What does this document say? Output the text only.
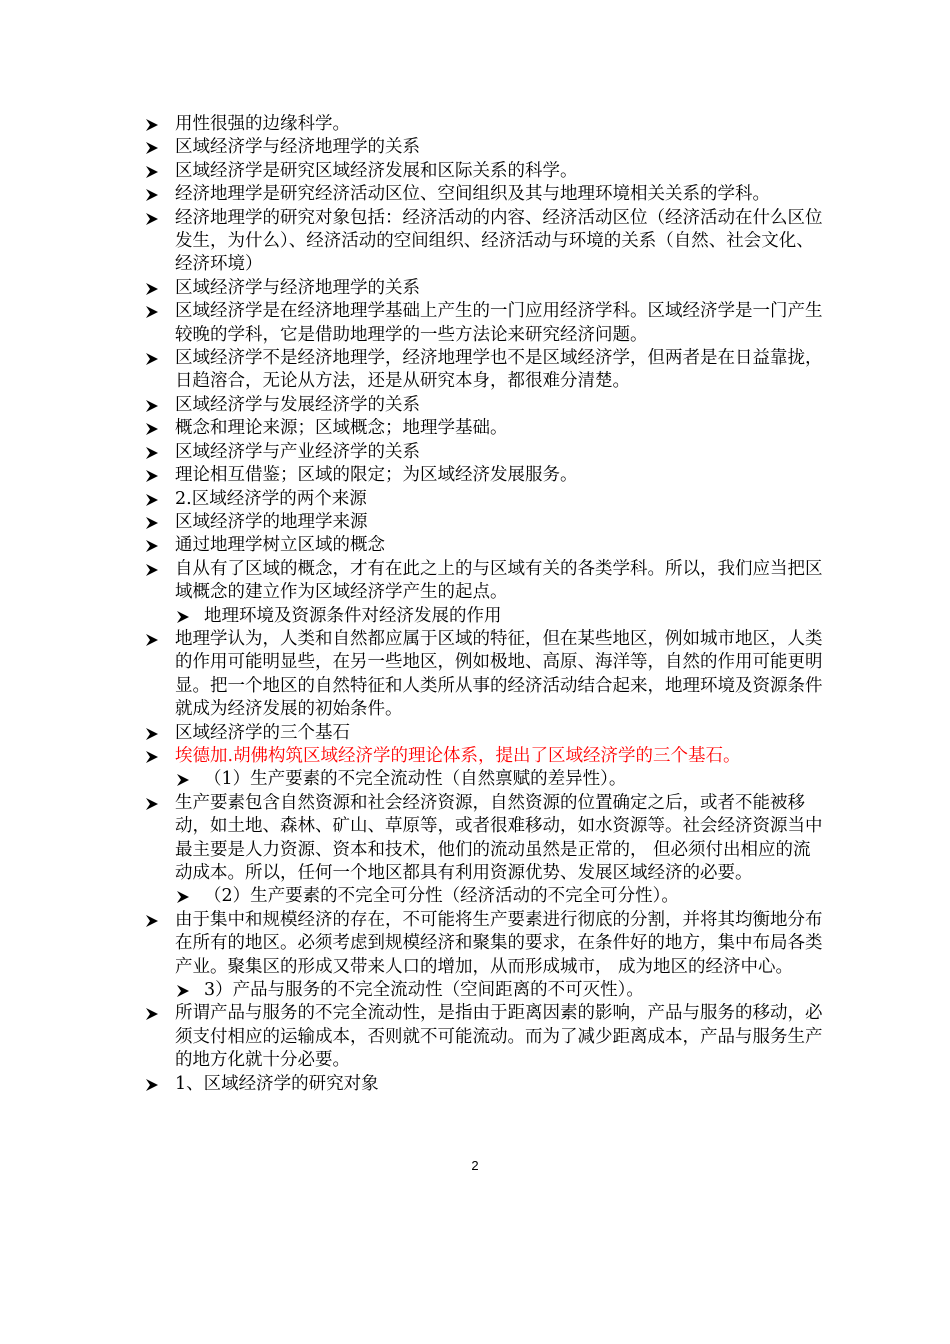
用性很强的边缘科学。
区域经济学与经济地理学的关系
区域经济学是研究区域经济发展和区际关系的科学。
经济地理学是研究经济活动区位、空间组织及其与地理环境相关关系的学科。
经济地理学的研究对象包括：经济活动的内容、经济活动区位（经济活动在什么区位发生，为什么）、经济活动的空间组织、经济活动与环境的关系（自然、社会文化、经济环境）
区域经济学与经济地理学的关系
区域经济学是在经济地理学基础上产生的一门应用经济学科。区域经济学是一门产生较晚的学科，它是借助地理学的一些方法论来研究经济问题。
区域经济学不是经济地理学，经济地理学也不是区域经济学，但两者是在日益靠拢，日趋溶合，无论从方法，还是从研究本身，都很难分清楚。
区域经济学与发展经济学的关系
概念和理论来源；区域概念；地理学基础。
区域经济学与产业经济学的关系
理论相互借鉴；区域的限定；为区域经济发展服务。
2.区域经济学的两个来源
区域经济学的地理学来源
通过地理学树立区域的概念
自从有了区域的概念，才有在此之上的与区域有关的各类学科。所以，我们应当把区域概念的建立作为区域经济学产生的起点。
地理环境及资源条件对经济发展的作用
地理学认为，人类和自然都应属于区域的特征，但在某些地区，例如城市地区，人类的作用可能明显些，在另一些地区，例如极地、高原、海洋等，自然的作用可能更明显。把一个地区的自然特征和人类所从事的经济活动结合起来，地理环境及资源条件就成为经济发展的初始条件。
区域经济学的三个基石
埃德加.胡佛构筑区域经济学的理论体系，提出了区域经济学的三个基石。
（1）生产要素的不完全流动性（自然禀赋的差异性）。
生产要素包含自然资源和社会经济资源，自然资源的位置确定之后，或者不能被移动，如土地、森林、矿山、草原等，或者很难移动，如水资源等。社会经济资源当中最主要是人力资源、资本和技术，他们的流动虽然是正常的， 但必须付出相应的流动成本。所以，任何一个地区都具有利用资源优势、发展区域经济的必要。
（2）生产要素的不完全可分性（经济活动的不完全可分性）。
由于集中和规模经济的存在，不可能将生产要素进行彻底的分割，并将其均衡地分布在所有的地区。必须考虑到规模经济和聚集的要求，在条件好的地方，集中布局各类产业。聚集区的形成又带来人口的增加，从而形成城市， 成为地区的经济中心。
3）产品与服务的不完全流动性（空间距离的不可灭性）。
所谓产品与服务的不完全流动性，是指由于距离因素的影响，产品与服务的移动，必须支付相应的运输成本，否则就不可能流动。而为了减少距离成本，产品与服务生产的地方化就十分必要。
1、区域经济学的研究对象
2
